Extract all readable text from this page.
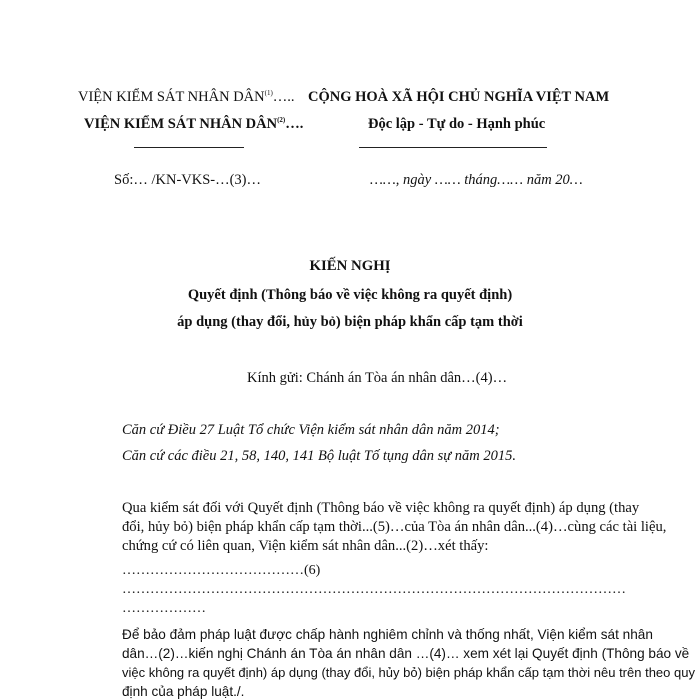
VIỆN KIỂM SÁT NHÂN DÂN$^{(1)}$…..
VIỆN KIỂM SÁT NHÂN DÂN$^{(2)}$….
CỘNG HOÀ XÃ HỘI CHỦ NGHĨA VIỆT NAM
Độc lập - Tự do - Hạnh phúc
Số:… /KN-VKS-…(3)…	……, ngày …… tháng…… năm 20…
KIẾN NGHỊ
Quyết định (Thông báo về việc không ra quyết định)
áp dụng (thay đổi, hủy bỏ) biện pháp khẩn cấp tạm thời
Kính gửi: Chánh án Tòa án nhân dân…(4)…
Căn cứ Điều 27 Luật Tổ chức Viện kiểm sát nhân dân năm 2014;
Căn cứ các điều 21, 58, 140, 141 Bộ luật Tố tụng dân sự năm 2015.
Qua kiểm sát đối với Quyết định (Thông báo về việc không ra quyết định) áp dụng (thay
đổi, hủy bỏ) biện pháp khẩn cấp tạm thời...(5)…của Tòa án nhân dân...(4)…cùng các tài liệu,
chứng cứ có liên quan, Viện kiểm sát nhân dân...(2)…xét thấy:
…………………………………(6)
………………………………………………………………………………………………
………………
Để bảo đảm pháp luật được chấp hành nghiêm chỉnh và thống nhất, Viện kiểm sát nhân
dân…(2)…kiến nghị Chánh án Tòa án nhân dân …(4)… xem xét lại Quyết định (Thông báo về
việc không ra quyết định) áp dụng (thay đổi, hủy bỏ) biện pháp khẩn cấp tạm thời nêu trên theo quy
định của pháp luật./.
